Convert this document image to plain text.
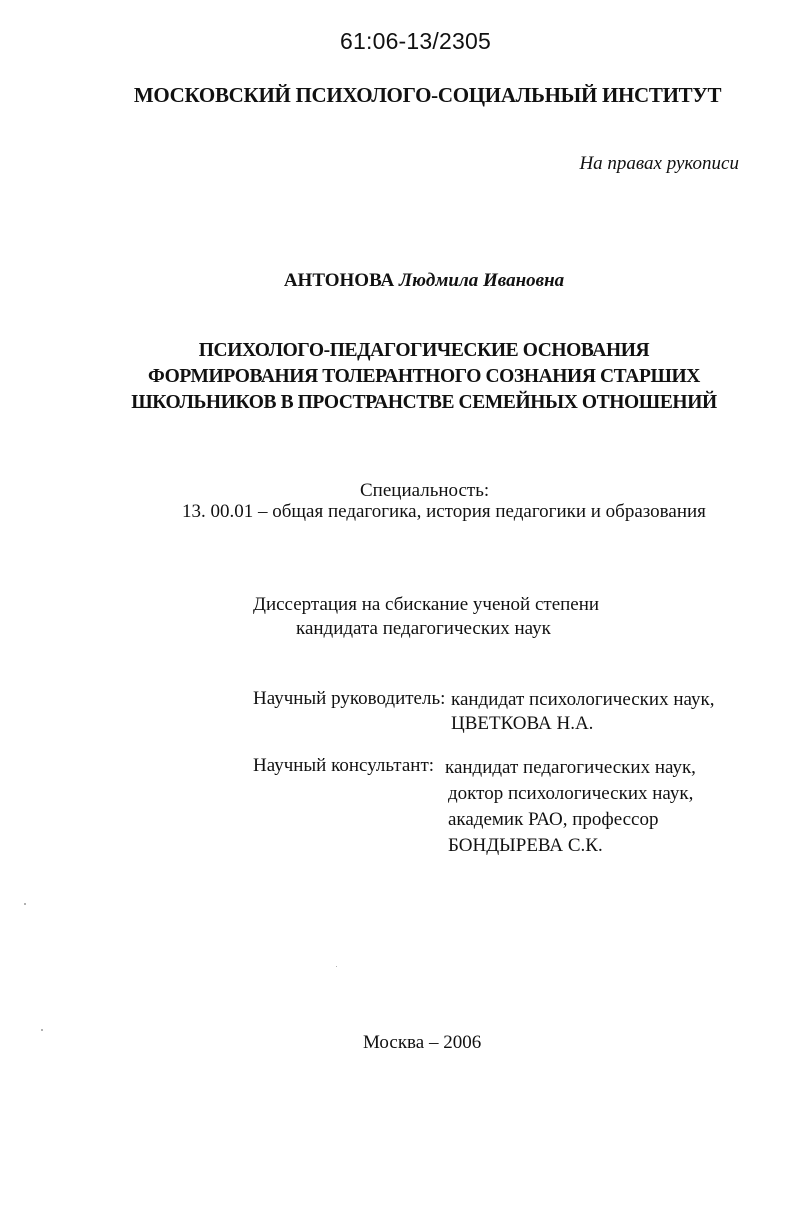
61:06-13/2305
МОСКОВСКИЙ ПСИХОЛОГО-СОЦИАЛЬНЫЙ ИНСТИТУТ
На правах рукописи
АНТОНОВА Людмила Ивановна
ПСИХОЛОГО-ПЕДАГОГИЧЕСКИЕ ОСНОВАНИЯ
ФОРМИРОВАНИЯ ТОЛЕРАНТНОГО СОЗНАНИЯ СТАРШИХ
ШКОЛЬНИКОВ В ПРОСТРАНСТВЕ СЕМЕЙНЫХ ОТНОШЕНИЙ
Специальность:
13. 00.01 – общая педагогика, история педагогики и образования
Диссертация на сбискание ученой степени
кандидата педагогических наук
Научный руководитель: кандидат психологических наук,
ЦВЕТКОВА Н.А.
Научный консультант: кандидат педагогических наук,
доктор психологических наук,
академик РАО, профессор
БОНДЫРЕВА С.К.
Москва – 2006
